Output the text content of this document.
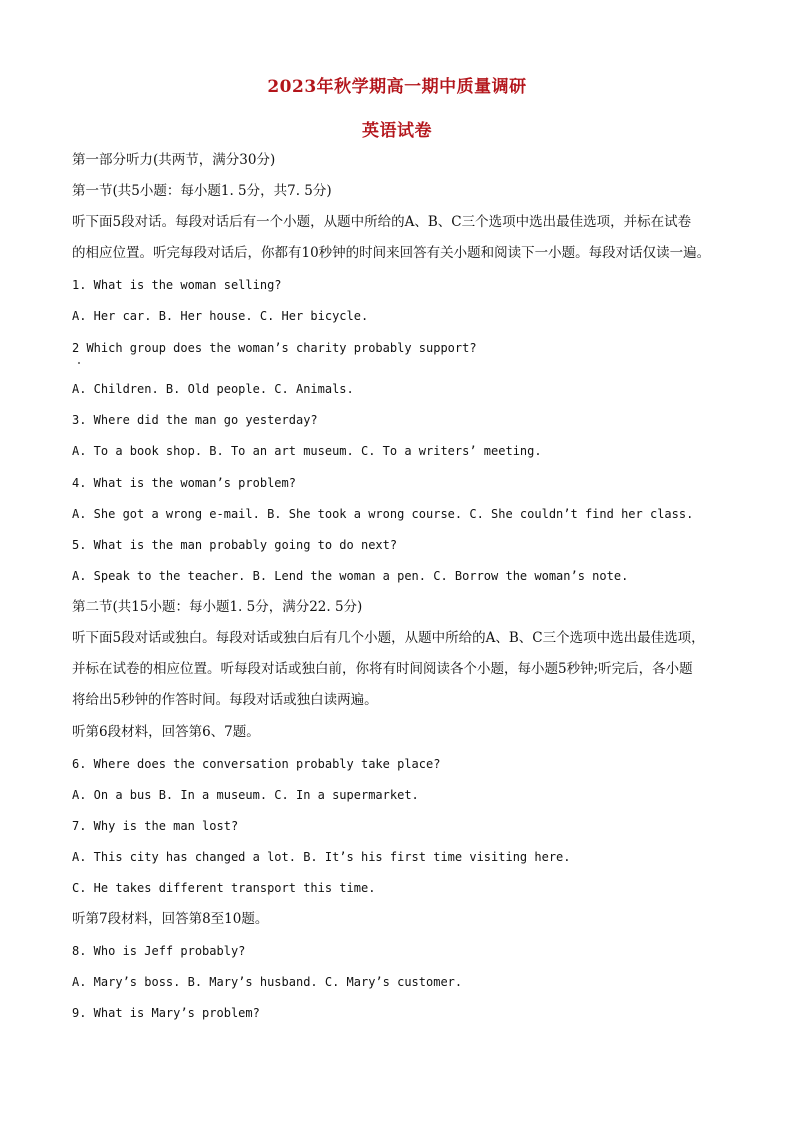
2023年秋学期高一期中质量调研
英语试卷
第一部分听力(共两节，满分30分)
第一节(共5小题：每小题1. 5分，共7. 5分)
听下面5段对话。每段对话后有一个小题，从题中所给的A、B、C三个选项中选出最佳选项，并标在试卷
的相应位置。听完每段对话后，你都有10秒钟的时间来回答有关小题和阅读下一小题。每段对话仅读一遍。
1. What is the woman selling?
A. Her car. B. Her house. C. Her bicycle.
2 Which group does the woman’s charity probably support?
A. Children. B. Old people. C. Animals.
3. Where did the man go yesterday?
A. To a book shop. B. To an art museum. C. To a writers’ meeting.
4. What is the woman’s problem?
A. She got a wrong e-mail. B. She took a wrong course. C. She couldn’t find her class.
5. What is the man probably going to do next?
A. Speak to the teacher. B. Lend the woman a pen. C. Borrow the woman’s note.
第二节(共15小题：每小题1. 5分，满分22. 5分)
听下面5段对话或独白。每段对话或独白后有几个小题，从题中所给的A、B、C三个选项中选出最佳选项，
并标在试卷的相应位置。听每段对话或独白前，你将有时间阅读各个小题，每小题5秒钟;听完后，各小题
将给出5秒钟的作答时间。每段对话或独白读两遍。
听第6段材料，回答第6、7题。
6. Where does the conversation probably take place?
A. On a bus B. In a museum. C. In a supermarket.
7. Why is the man lost?
A. This city has changed a lot. B. It’s his first time visiting here.
C. He takes different transport this time.
听第7段材料，回答第8至10题。
8. Who is Jeff probably?
A. Mary’s boss. B. Mary’s husband. C. Mary’s customer.
9. What is Mary’s problem?
